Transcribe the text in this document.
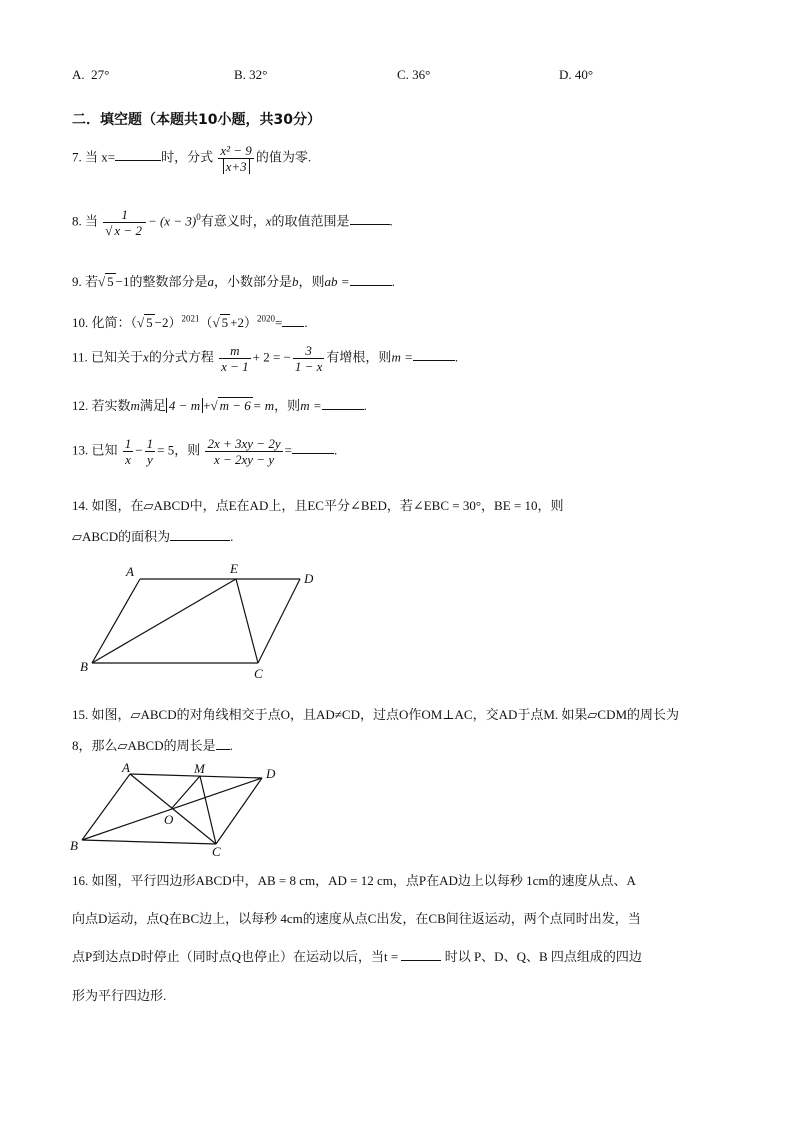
A. 27°	B. 32°	C. 36°	D. 40°
二．填空题（本题共10小题，共30分）
7. 当 x=	时，分式 $\frac{\text{x² − 9}}{x+3}$ 的值为零.
8. 当 $\frac{1}{√ x - 2} - (x - 3)^0$有意义时，x的取值范围是	.
9. 若√ 5 −1的整数部分是a，小数部分是b，则ab =	.
10. 化简：（√ 5 −2）$^{2021}$（√ 5 +2）$^{2020}$= .
11. 已知关于x的分式方程 $\frac{m}{x - 1} + 2$ = − $\frac{3}{1 - x}$ 有增根，则m =	.
12. 若实数m满足 4 − m +√ m − 6 = m，则m =	.
13. 已知 $\frac{1}{x} - \frac{1}{y} = 5$，则 $\frac{2x + 3xy - 2y}{x - 2xy - y}$ =	.
14. 如图，在▱ABCD中，点E在AD上，且EC平分∠BED，若∠EBC = 30°，BE = 10，则
▱ABCD的面积为	.
A	E
D
B	C
15. 如图，▱ABCD的对角线相交于点O，且AD≠CD，过点O作OM⊥AC，交AD于点M. 如果▱CDM的周长为
8，那么▱ABCD的周长是 .
A	M	D
O
B	C
16. 如图，平行四边形ABCD中，AB = 8 cm，AD = 12 cm，点P在AD边上以每秒 1cm的速度从点、A
向点D运动，点Q在BC边上，以每秒 4cm的速度从点C出发，在CB间往返运动，两个点同时出发，当
点P到达点D时停止（同时点Q也停止）在运动以后，当t =	时以 P、D、Q、B 四点组成的四边
形为平行四边形.
